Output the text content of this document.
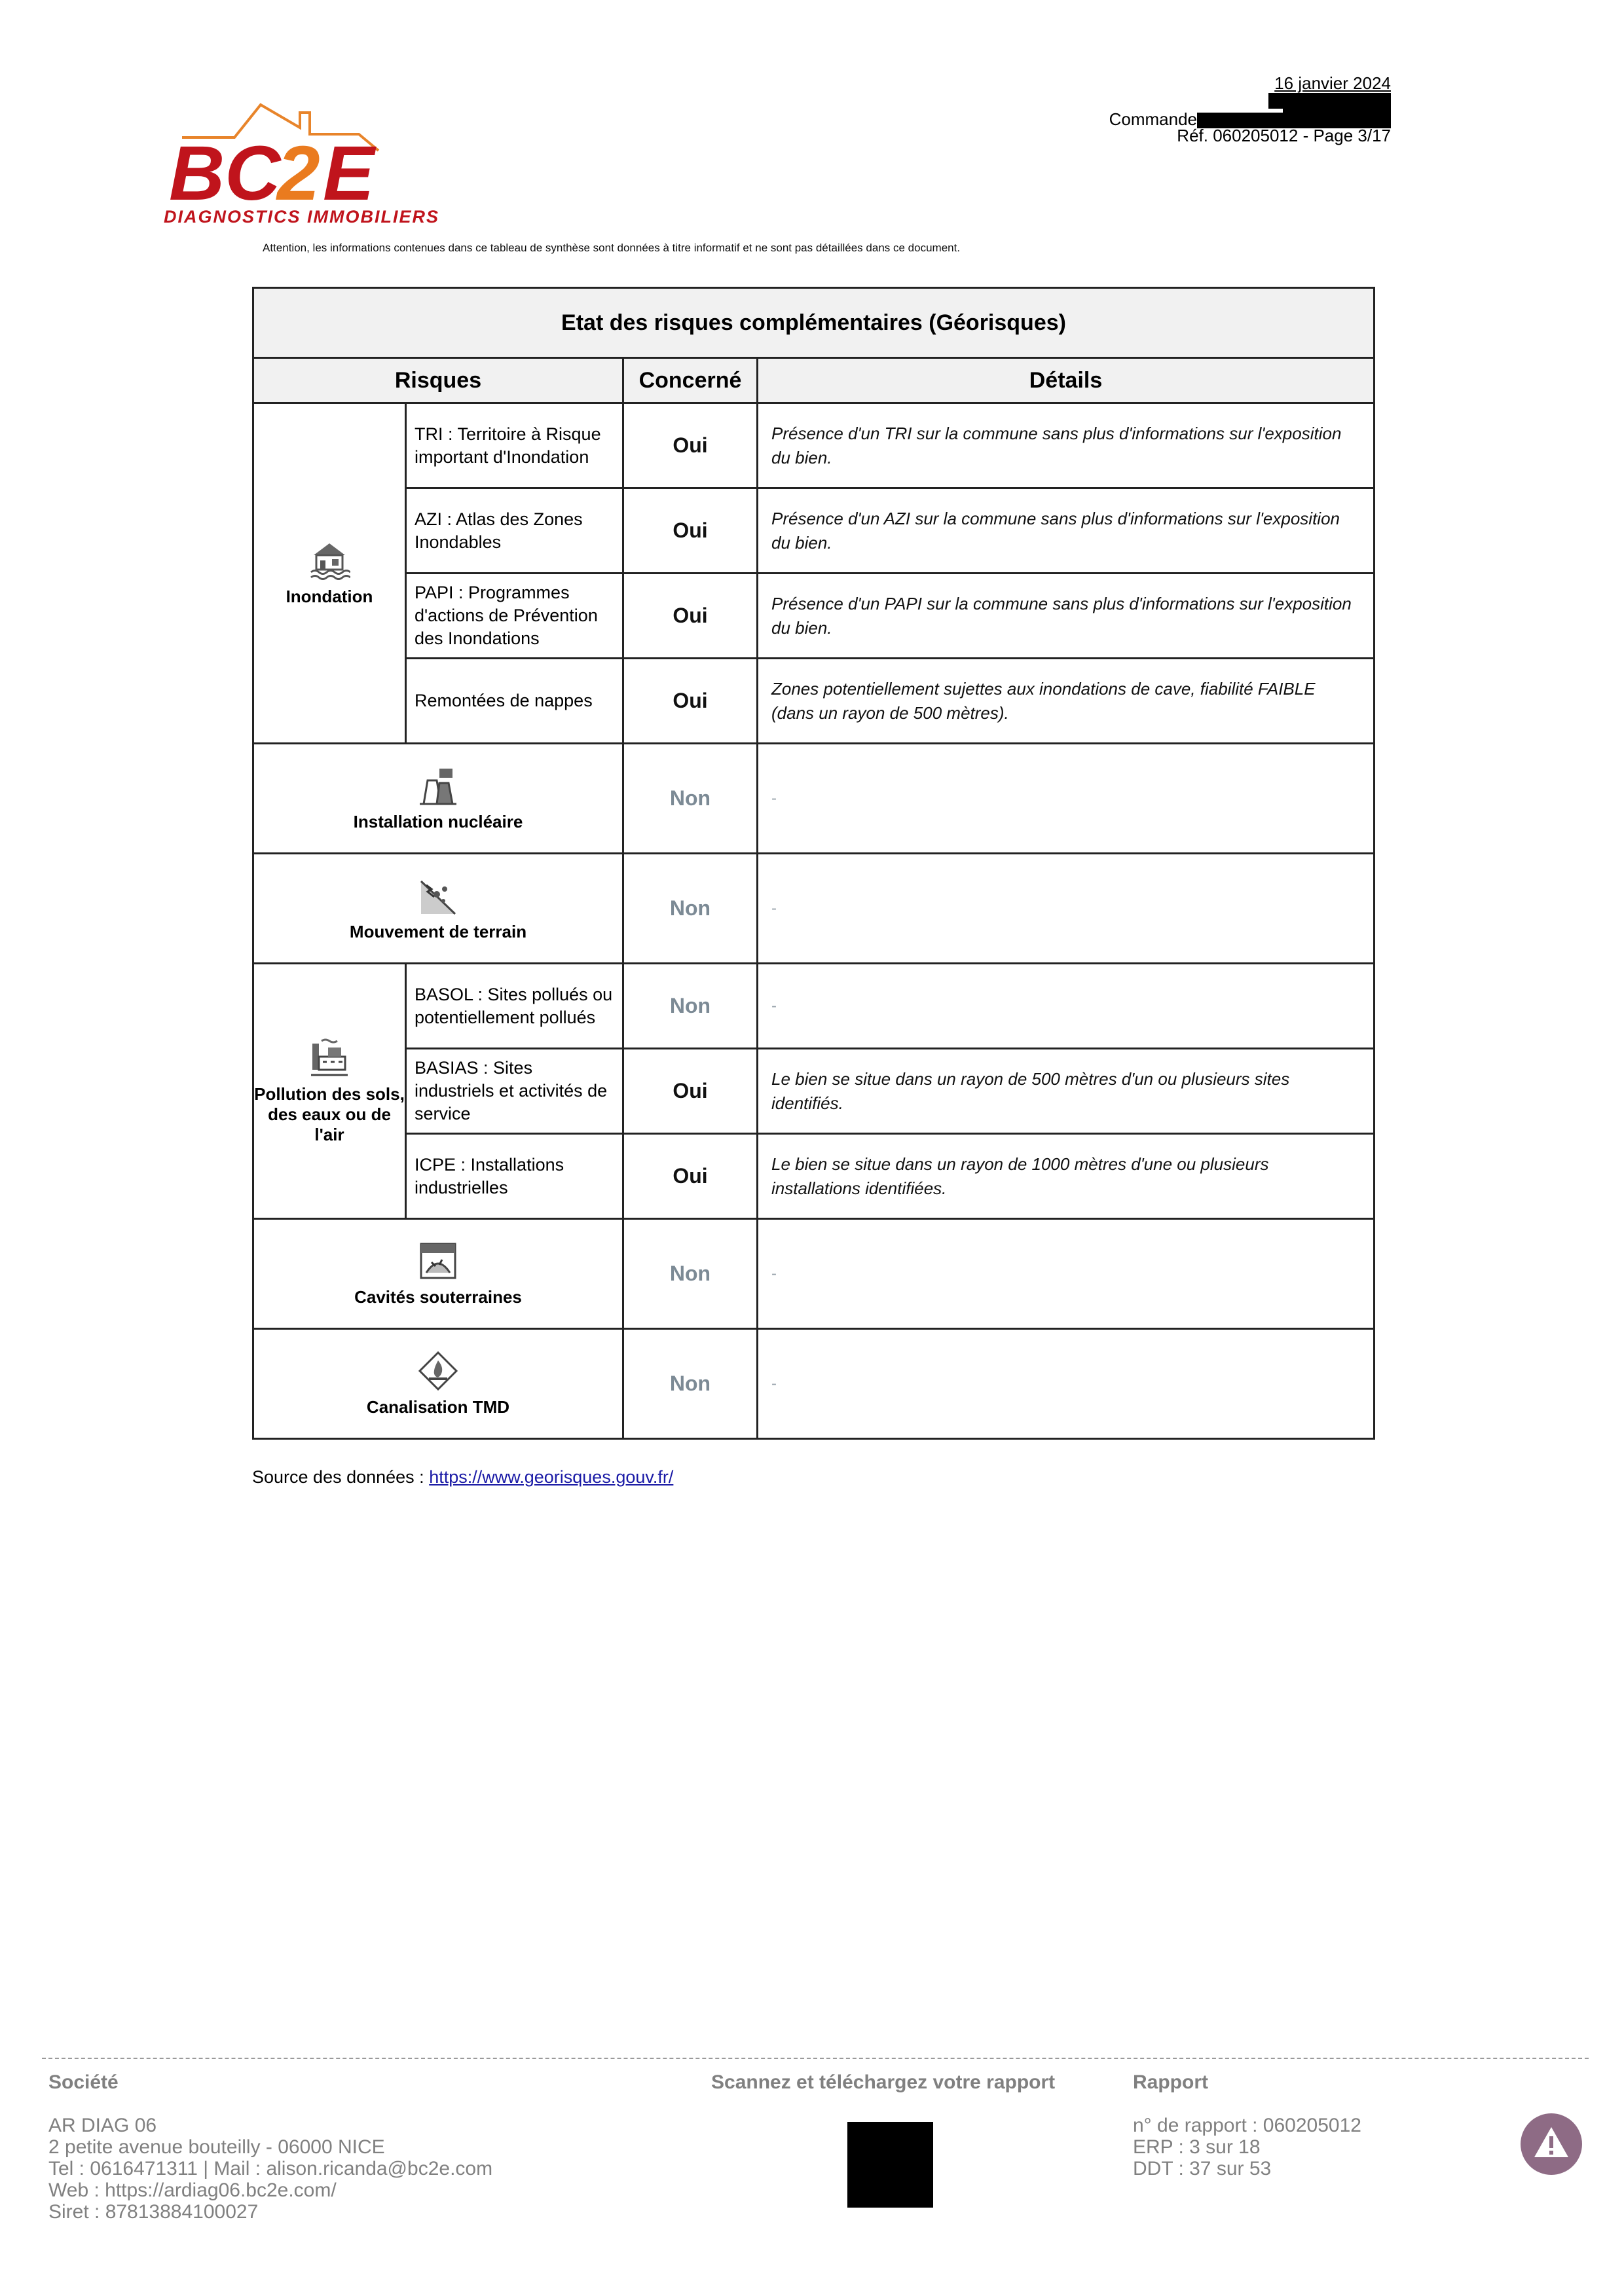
BC
2 E
DIAGNOSTICS IMMOBILIERS
16 janvier 2024
Commande
Réf. 060205012 - Page 3/17
Attention, les informations contenues dans ce tableau de synthèse sont données à titre informatif et ne sont pas détaillées dans ce document.
Etat des risques complémentaires (Géorisques)			
Risques		Concerné	Détails

Inondation	TRI : Territoire à Risque important d'Inondation	Oui	Présence d'un TRI sur la commune sans plus d'informations sur l'exposition du bien.
	AZI : Atlas des Zones Inondables	Oui	Présence d'un AZI sur la commune sans plus d'informations sur l'exposition du bien.
	PAPI : Programmes d'actions de Prévention des Inondations	Oui	Présence d'un PAPI sur la commune sans plus d'informations sur l'exposition du bien.
	Remontées de nappes	Oui	Zones potentiellement sujettes aux inondations de cave, fiabilité FAIBLE (dans un rayon de 500 mètres).

Installation nucléaire		Non	-

Mouvement de terrain		Non	-

Pollution des sols, des eaux ou de l'air	BASOL : Sites pollués ou potentiellement pollués	Non	-
	BASIAS : Sites industriels et activités de service	Oui	Le bien se situe dans un rayon de 500 mètres d'un ou plusieurs sites identifiés.
	ICPE : Installations industrielles	Oui	Le bien se situe dans un rayon de 1000 mètres d'une ou plusieurs installations identifiées.

Cavités souterraines		Non	-

Canalisation TMD		Non	-
Source des données : https://www.georisques.gouv.fr/
Société
AR DIAG 06
2 petite avenue bouteilly - 06000 NICE
Tel : 0616471311 | Mail : alison.ricanda@bc2e.com
Web : https://ardiag06.bc2e.com/
Siret : 87813884100027
Scannez et téléchargez votre rapport	Rapport
n° de rapport : 060205012
ERP : 3 sur 18
DDT : 37 sur 53
